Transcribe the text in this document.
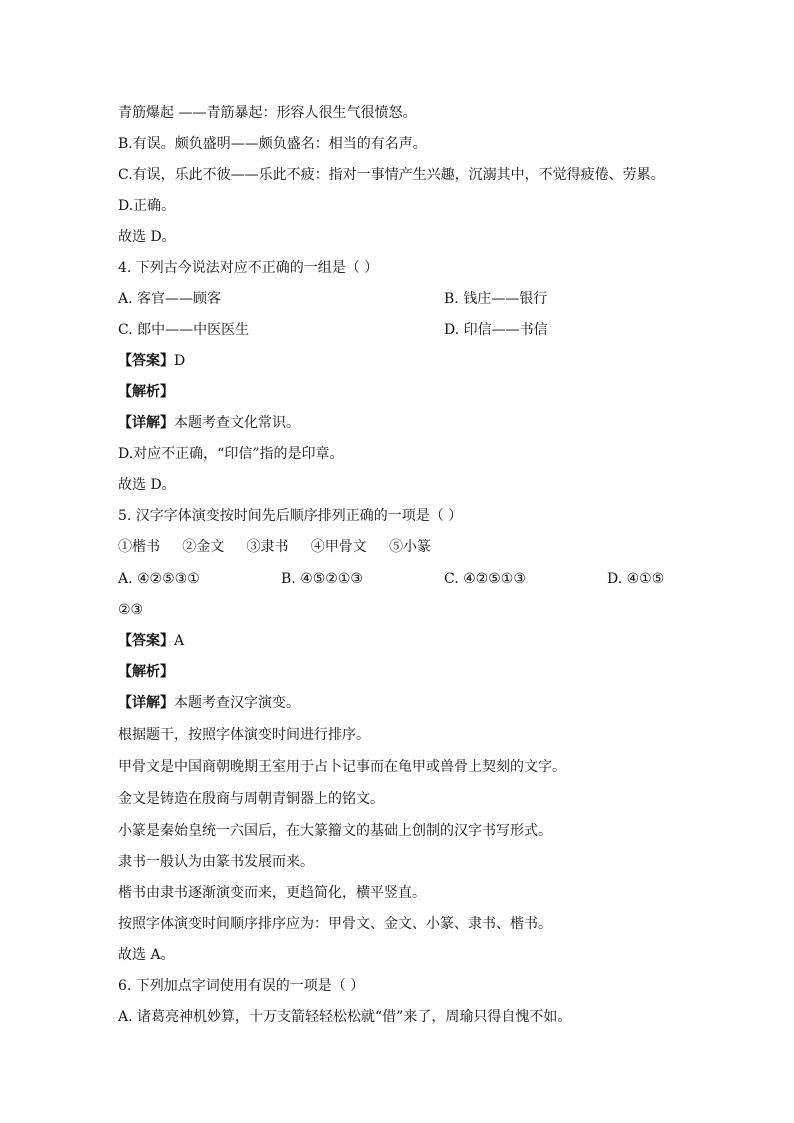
青筋爆起 ——青筋暴起：形容人很生气很愤怒。
B.有误。颇负盛明——颇负盛名：相当的有名声。
C.有误，乐此不彼——乐此不疲：指对一事情产生兴趣，沉溺其中，不觉得疲倦、劳累。
D.正确。
故选 D。
4. 下列古今说法对应不正确的一组是（ ）
A. 客官——顾客	B. 钱庄——银行
C. 郎中——中医医生	D. 印信——书信
【答案】D
【解析】
【详解】本题考查文化常识。
D.对应不正确，“印信”指的是印章。
故选 D。
5. 汉字字体演变按时间先后顺序排列正确的一项是（ ）
①楷书     ②金文     ③隶书     ④甲骨文     ⑤小篆
A. ④②⑤③①	B. ④⑤②①③	C. ④②⑤①③	D. ④①⑤
②③
【答案】A
【解析】
【详解】本题考查汉字演变。
根据题干，按照字体演变时间进行排序。
甲骨文是中国商朝晚期王室用于占卜记事而在龟甲或兽骨上契刻的文字。
金文是铸造在殷商与周朝青铜器上的铭文。
小篆是秦始皇统一六国后，在大篆籀文的基础上创制的汉字书写形式。
隶书一般认为由篆书发展而来。
楷书由隶书逐渐演变而来，更趋简化，横平竖直。
按照字体演变时间顺序排序应为：甲骨文、金文、小篆、隶书、楷书。
故选 A。
6. 下列加点字词使用有误的一项是（ ）
A. 诸葛亮神机妙算，十万支箭轻轻松松就“借”来了，周瑜只得自愧不如。
